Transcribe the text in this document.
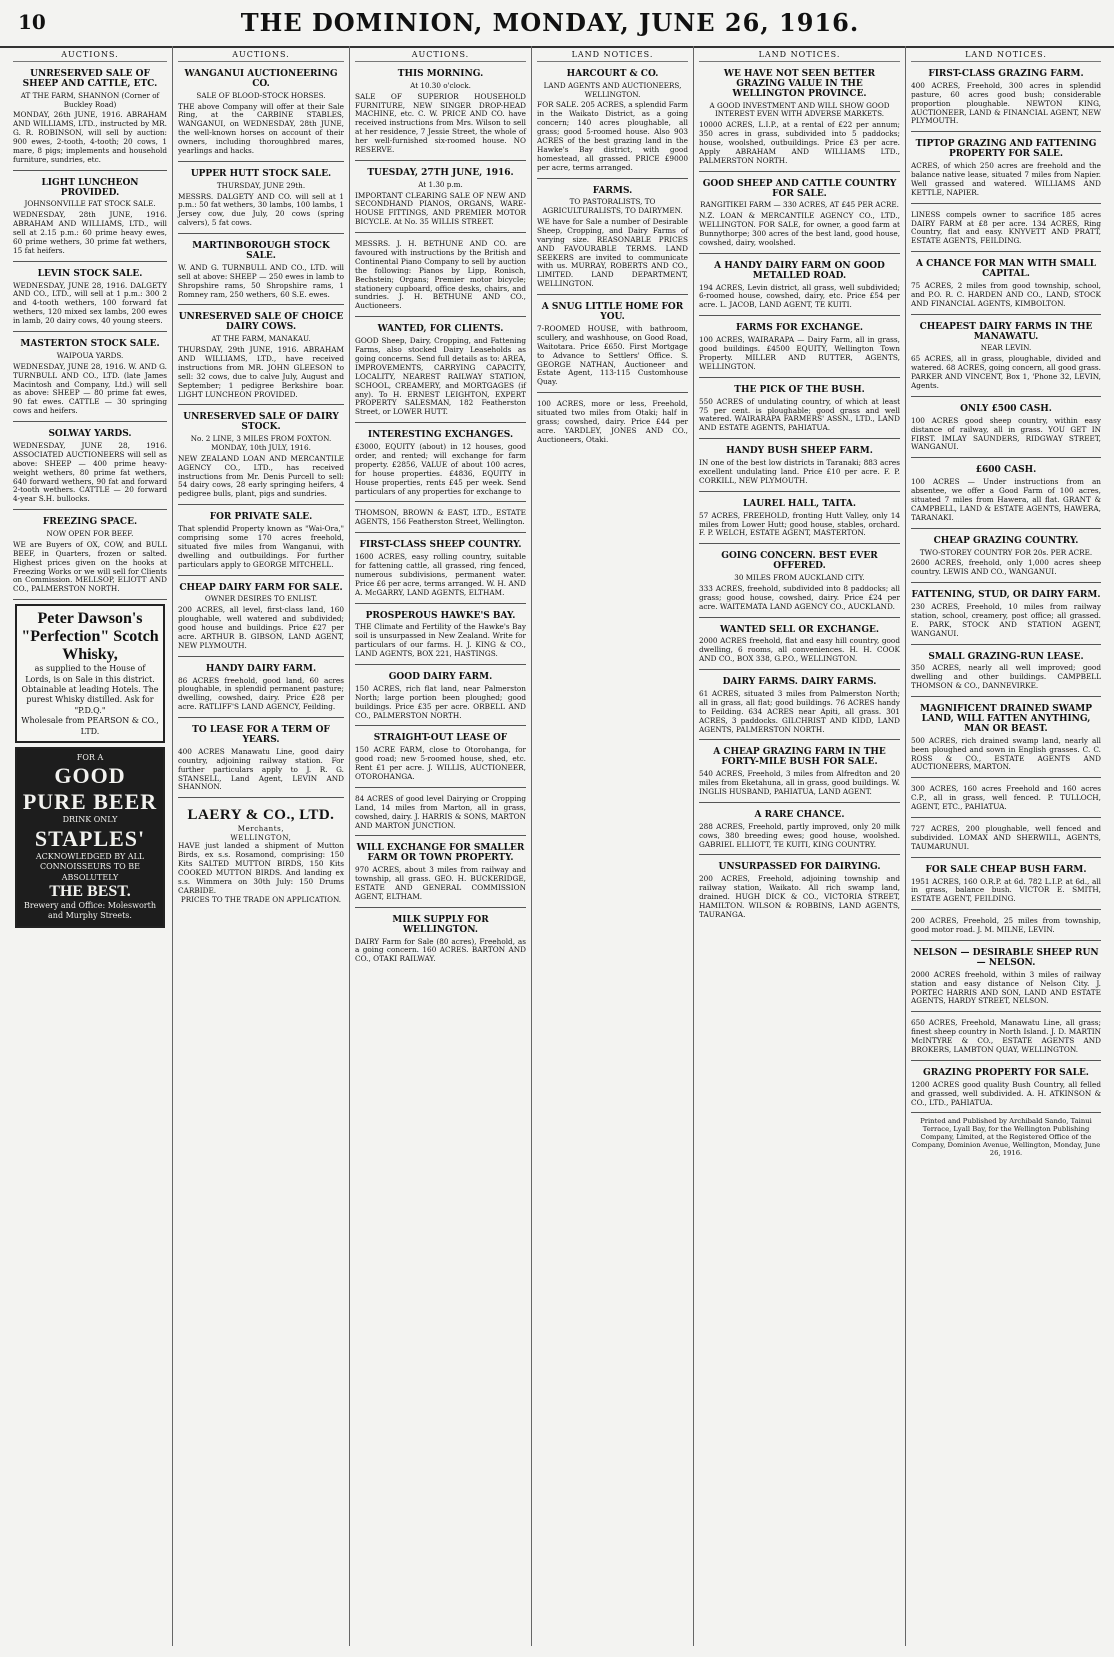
10	THE DOMINION, MONDAY, JUNE 26, 1916.
AUCTIONS.
UNRESERVED SALE OF SHEEP AND CATTLE, ETC.
AT THE FARM, SHANNON (Corner of Buckley Road)
MONDAY, 26th JUNE, 1916. ABRAHAM AND WILLIAMS, LTD., instructed by MR. G. R. ROBINSON, will sell by auction: 900 ewes, 2-tooth, 4-tooth; 20 cows, 1 mare, 8 pigs; implements and household furniture, sundries, etc.
LIGHT LUNCHEON PROVIDED.
JOHNSONVILLE FAT STOCK SALE.
WEDNESDAY, 28th JUNE, 1916. ABRAHAM AND WILLIAMS, LTD., will sell at 2.15 p.m.: 60 prime heavy ewes, 60 prime wethers, 30 prime fat wethers, 15 fat heifers.
LEVIN STOCK SALE.
WEDNESDAY, JUNE 28, 1916. DALGETY AND CO., LTD., will sell at 1 p.m.: 300 2 and 4-tooth wethers, 100 forward fat wethers, 120 mixed sex lambs, 200 ewes in lamb, 20 dairy cows, 40 young steers.
MASTERTON STOCK SALE.
WAIPOUA YARDS.
WEDNESDAY, JUNE 28, 1916. W. AND G. TURNBULL AND CO., LTD. (late James Macintosh and Company, Ltd.) will sell as above: SHEEP — 80 prime fat ewes, 90 fat ewes. CATTLE — 30 springing cows and heifers.
SOLWAY YARDS.
WEDNESDAY, JUNE 28, 1916. ASSOCIATED AUCTIONEERS will sell as above: SHEEP — 400 prime heavy-weight wethers, 80 prime fat wethers, 640 forward wethers, 90 fat and forward 2-tooth wethers. CATTLE — 20 forward 4-year S.H. bullocks.
FREEZING SPACE.
NOW OPEN FOR BEEF.
WE are Buyers of OX, COW, and BULL BEEF, in Quarters, frozen or salted. Highest prices given on the hooks at Freezing Works or we will sell for Clients on Commission. MELLSOP, ELIOTT AND CO., PALMERSTON NORTH.
Peter Dawson's
"Perfection" Scotch Whisky,
as supplied to the House of Lords, is on Sale in this district. Obtainable at leading Hotels. The purest Whisky distilled. Ask for "P.D.Q."
Wholesale from PEARSON & CO., LTD.
FOR A
GOOD PURE BEER
DRINK ONLY
STAPLES'
ACKNOWLEDGED BY ALL CONNOISSEURS TO BE ABSOLUTELY
THE BEST.
Brewery and Office: Molesworth and Murphy Streets.
AUCTIONS.
WANGANUI AUCTIONEERING CO.
SALE OF BLOOD-STOCK HORSES.
THE above Company will offer at their Sale Ring, at the CARBINE STABLES, WANGANUI, on WEDNESDAY, 28th JUNE, the well-known horses on account of their owners, including thoroughbred mares, yearlings and hacks.
UPPER HUTT STOCK SALE.
THURSDAY, JUNE 29th.
MESSRS. DALGETY AND CO. will sell at 1 p.m.: 50 fat wethers, 30 lambs, 100 lambs, 1 Jersey cow, due July, 20 cows (spring calvers), 5 fat cows.
MARTINBOROUGH STOCK SALE.
W. AND G. TURNBULL AND CO., LTD. will sell at above: SHEEP — 250 ewes in lamb to Shropshire rams, 50 Shropshire rams, 1 Romney ram, 250 wethers, 60 S.E. ewes.
UNRESERVED SALE OF CHOICE DAIRY COWS.
AT THE FARM, MANAKAU.
THURSDAY, 29th JUNE, 1916. ABRAHAM AND WILLIAMS, LTD., have received instructions from MR. JOHN GLEESON to sell: 32 cows, due to calve July, August and September; 1 pedigree Berkshire boar. LIGHT LUNCHEON PROVIDED.
UNRESERVED SALE OF DAIRY STOCK.
No. 2 LINE, 3 MILES FROM FOXTON. MONDAY, 10th JULY, 1916.
NEW ZEALAND LOAN AND MERCANTILE AGENCY CO., LTD., has received instructions from Mr. Denis Purcell to sell: 54 dairy cows, 28 early springing heifers, 4 pedigree bulls, plant, pigs and sundries.
FOR PRIVATE SALE.
That splendid Property known as "Wai-Ora," comprising some 170 acres freehold, situated five miles from Wanganui, with dwelling and outbuildings. For further particulars apply to GEORGE MITCHELL.
CHEAP DAIRY FARM FOR SALE.
OWNER DESIRES TO ENLIST.
200 ACRES, all level, first-class land, 160 ploughable, well watered and subdivided; good house and buildings. Price £27 per acre. ARTHUR B. GIBSON, LAND AGENT, NEW PLYMOUTH.
HANDY DAIRY FARM.
86 ACRES freehold, good land, 60 acres ploughable, in splendid permanent pasture; dwelling, cowshed, dairy. Price £28 per acre. RATLIFF'S LAND AGENCY, Feilding.
TO LEASE FOR A TERM OF YEARS.
400 ACRES Manawatu Line, good dairy country, adjoining railway station. For further particulars apply to J. R. G. STANSELL, Land Agent, LEVIN AND SHANNON.
LAERY & CO., LTD.
Merchants,
WELLINGTON,
HAVE just landed a shipment of Mutton Birds, ex s.s. Rosamond, comprising: 150 Kits SALTED MUTTON BIRDS, 150 Kits COOKED MUTTON BIRDS. And landing ex s.s. Wimmera on 30th July: 150 Drums CARBIDE.
PRICES TO THE TRADE ON APPLICATION.
AUCTIONS.
THIS MORNING.
At 10.30 o'clock.
SALE OF SUPERIOR HOUSEHOLD FURNITURE, NEW SINGER DROP-HEAD MACHINE, etc. C. W. PRICE AND CO. have received instructions from Mrs. Wilson to sell at her residence, 7 Jessie Street, the whole of her well-furnished six-roomed house. NO RESERVE.
TUESDAY, 27TH JUNE, 1916.
At 1.30 p.m.
IMPORTANT CLEARING SALE OF NEW AND SECONDHAND PIANOS, ORGANS, WARE-HOUSE FITTINGS, AND PREMIER MOTOR BICYCLE. At No. 35 WILLIS STREET.
MESSRS. J. H. BETHUNE AND CO. are favoured with instructions by the British and Continental Piano Company to sell by auction the following: Pianos by Lipp, Ronisch, Bechstein; Organs; Premier motor bicycle; stationery cupboard, office desks, chairs, and sundries. J. H. BETHUNE AND CO., Auctioneers.
WANTED, FOR CLIENTS.
GOOD Sheep, Dairy, Cropping, and Fattening Farms, also stocked Dairy Leaseholds as going concerns. Send full details as to: AREA, IMPROVEMENTS, CARRYING CAPACITY, LOCALITY, NEAREST RAILWAY STATION, SCHOOL, CREAMERY, and MORTGAGES (if any). To H. ERNEST LEIGHTON, EXPERT PROPERTY SALESMAN, 182 Featherston Street, or LOWER HUTT.
INTERESTING EXCHANGES.
£3000, EQUITY (about) in 12 houses, good order, and rented; will exchange for farm property. £2856, VALUE of about 100 acres, for house properties. £4836, EQUITY in House properties, rents £45 per week. Send particulars of any properties for exchange to
THOMSON, BROWN & EAST, LTD., ESTATE AGENTS, 156 Featherston Street, Wellington.
FIRST-CLASS SHEEP COUNTRY.
1600 ACRES, easy rolling country, suitable for fattening cattle, all grassed, ring fenced, numerous subdivisions, permanent water. Price £6 per acre, terms arranged. W. H. AND A. McGARRY, LAND AGENTS, ELTHAM.
PROSPEROUS HAWKE'S BAY.
THE Climate and Fertility of the Hawke's Bay soil is unsurpassed in New Zealand. Write for particulars of our farms. H. J. KING & CO., LAND AGENTS, BOX 221, HASTINGS.
GOOD DAIRY FARM.
150 ACRES, rich flat land, near Palmerston North; large portion been ploughed; good buildings. Price £35 per acre. ORBELL AND CO., PALMERSTON NORTH.
STRAIGHT-OUT LEASE OF
150 ACRE FARM, close to Otorohanga, for good road; new 5-roomed house, shed, etc. Rent £1 per acre. J. WILLIS, AUCTIONEER, OTOROHANGA.
84 ACRES of good level Dairying or Cropping Land, 14 miles from Marton, all in grass, cowshed, dairy. J. HARRIS & SONS, MARTON AND MARTON JUNCTION.
WILL EXCHANGE FOR SMALLER FARM OR TOWN PROPERTY.
970 ACRES, about 3 miles from railway and township, all grass. GEO. H. BUCKERIDGE, ESTATE AND GENERAL COMMISSION AGENT, ELTHAM.
MILK SUPPLY FOR WELLINGTON.
DAIRY Farm for Sale (80 acres), Freehold, as a going concern. 160 ACRES. BARTON AND CO., OTAKI RAILWAY.
LAND NOTICES.
HARCOURT & CO.
LAND AGENTS AND AUCTIONEERS, WELLINGTON.
FOR SALE. 205 ACRES, a splendid Farm in the Waikato District, as a going concern; 140 acres ploughable, all grass; good 5-roomed house. Also 903 ACRES of the best grazing land in the Hawke's Bay district, with good homestead, all grassed. PRICE £9000 per acre, terms arranged.
FARMS.
TO PASTORALISTS, TO AGRICULTURALISTS, TO DAIRYMEN.
WE have for Sale a number of Desirable Sheep, Cropping, and Dairy Farms of varying size. REASONABLE PRICES AND FAVOURABLE TERMS. LAND SEEKERS are invited to communicate with us. MURRAY, ROBERTS AND CO., LIMITED. LAND DEPARTMENT, WELLINGTON.
A SNUG LITTLE HOME FOR YOU.
7-ROOMED HOUSE, with bathroom, scullery, and washhouse, on Good Road, Waitotara. Price £650. First Mortgage to Advance to Settlers' Office. S. GEORGE NATHAN, Auctioneer and Estate Agent, 113-115 Customhouse Quay.
100 ACRES, more or less, Freehold, situated two miles from Otaki; half in grass; cowshed, dairy. Price £44 per acre. YARDLEY, JONES AND CO., Auctioneers, Otaki.
LAND NOTICES.
WE HAVE NOT SEEN BETTER GRAZING VALUE IN THE WELLINGTON PROVINCE.
A GOOD INVESTMENT AND WILL SHOW GOOD INTEREST EVEN WITH ADVERSE MARKETS.
10000 ACRES, L.I.P., at a rental of £22 per annum; 350 acres in grass, subdivided into 5 paddocks; house, woolshed, outbuildings. Price £3 per acre. Apply ABRAHAM AND WILLIAMS LTD., PALMERSTON NORTH.
GOOD SHEEP AND CATTLE COUNTRY FOR SALE.
RANGITIKEI FARM — 330 ACRES, AT £45 PER ACRE.
N.Z. LOAN & MERCANTILE AGENCY CO., LTD., WELLINGTON. FOR SALE, for owner, a good farm at Bunnythorpe; 300 acres of the best land, good house, cowshed, dairy, woolshed.
A HANDY DAIRY FARM ON GOOD METALLED ROAD.
194 ACRES, Levin district, all grass, well subdivided; 6-roomed house, cowshed, dairy, etc. Price £54 per acre. L. JACOB, LAND AGENT, TE KUITI.
FARMS FOR EXCHANGE.
100 ACRES, WAIRARAPA — Dairy Farm, all in grass, good buildings. £4500 EQUITY, Wellington Town Property. MILLER AND RUTTER, AGENTS, WELLINGTON.
THE PICK OF THE BUSH.
550 ACRES of undulating country, of which at least 75 per cent. is ploughable; good grass and well watered. WAIRARAPA FARMERS' ASSN., LTD., LAND AND ESTATE AGENTS, PAHIATUA.
HANDY BUSH SHEEP FARM.
IN one of the best low districts in Taranaki; 883 acres excellent undulating land. Price £10 per acre. F. P. CORKILL, NEW PLYMOUTH.
LAUREL HALL, TAITA.
57 ACRES, FREEHOLD, fronting Hutt Valley, only 14 miles from Lower Hutt; good house, stables, orchard. F. P. WELCH, ESTATE AGENT, MASTERTON.
GOING CONCERN. BEST EVER OFFERED.
30 MILES FROM AUCKLAND CITY.
333 ACRES, freehold, subdivided into 8 paddocks; all grass; good house, cowshed, dairy. Price £24 per acre. WAITEMATA LAND AGENCY CO., AUCKLAND.
WANTED SELL OR EXCHANGE.
2000 ACRES freehold, flat and easy hill country, good dwelling, 6 rooms, all conveniences. H. H. COOK AND CO., BOX 338, G.P.O., WELLINGTON.
DAIRY FARMS. DAIRY FARMS.
61 ACRES, situated 3 miles from Palmerston North; all in grass, all flat; good buildings. 76 ACRES handy to Feilding. 634 ACRES near Apiti, all grass. 301 ACRES, 3 paddocks. GILCHRIST AND KIDD, LAND AGENTS, PALMERSTON NORTH.
A CHEAP GRAZING FARM IN THE FORTY-MILE BUSH FOR SALE.
540 ACRES, Freehold, 3 miles from Alfredton and 20 miles from Eketahuna, all in grass, good buildings. W. INGLIS HUSBAND, PAHIATUA, LAND AGENT.
A RARE CHANCE.
288 ACRES, Freehold, partly improved, only 20 milk cows, 380 breeding ewes; good house, woolshed. GABRIEL ELLIOTT, TE KUITI, KING COUNTRY.
UNSURPASSED FOR DAIRYING.
200 ACRES, Freehold, adjoining township and railway station, Waikato. All rich swamp land, drained. HUGH DICK & CO., VICTORIA STREET, HAMILTON. WILSON & ROBBINS, LAND AGENTS, TAURANGA.
LAND NOTICES.
FIRST-CLASS GRAZING FARM.
400 ACRES, Freehold, 300 acres in splendid pasture, 60 acres good bush; considerable proportion ploughable. NEWTON KING, AUCTIONEER, LAND & FINANCIAL AGENT, NEW PLYMOUTH.
TIPTOP GRAZING AND FATTENING PROPERTY FOR SALE.
ACRES, of which 250 acres are freehold and the balance native lease, situated 7 miles from Napier. Well grassed and watered. WILLIAMS AND KETTLE, NAPIER.
LINESS compels owner to sacrifice 185 acres DAIRY FARM at £8 per acre. 134 ACRES, Ring Country, flat and easy. KNYVETT AND PRATT, ESTATE AGENTS, FEILDING.
A CHANCE FOR MAN WITH SMALL CAPITAL.
75 ACRES, 2 miles from good township, school, and P.O. R. C. HARDEN AND CO., LAND, STOCK AND FINANCIAL AGENTS, KIMBOLTON.
CHEAPEST DAIRY FARMS IN THE MANAWATU.
NEAR LEVIN.
65 ACRES, all in grass, ploughable, divided and watered. 68 ACRES, going concern, all good grass. PARKER AND VINCENT, Box 1, 'Phone 32, LEVIN, Agents.
ONLY £500 CASH.
100 ACRES good sheep country, within easy distance of railway, all in grass. YOU GET IN FIRST. IMLAY SAUNDERS, RIDGWAY STREET, WANGANUI.
£600 CASH.
100 ACRES — Under instructions from an absentee, we offer a Good Farm of 100 acres, situated 7 miles from Hawera, all flat. GRANT & CAMPBELL, LAND & ESTATE AGENTS, HAWERA, TARANAKI.
CHEAP GRAZING COUNTRY.
TWO-STOREY COUNTRY FOR 20s. PER ACRE.
2600 ACRES, freehold, only 1,000 acres sheep country. LEWIS AND CO., WANGANUI.
FATTENING, STUD, OR DAIRY FARM.
230 ACRES, Freehold, 10 miles from railway station, school, creamery, post office; all grassed. E. PARK, STOCK AND STATION AGENT, WANGANUI.
SMALL GRAZING-RUN LEASE.
350 ACRES, nearly all well improved; good dwelling and other buildings. CAMPBELL THOMSON & CO., DANNEVIRKE.
MAGNIFICENT DRAINED SWAMP LAND, WILL FATTEN ANYTHING, MAN OR BEAST.
500 ACRES, rich drained swamp land, nearly all been ploughed and sown in English grasses. C. C. ROSS & CO., ESTATE AGENTS AND AUCTIONEERS, MARTON.
300 ACRES, 160 acres Freehold and 160 acres C.P., all in grass, well fenced. P. TULLOCH, AGENT, ETC., PAHIATUA.
727 ACRES, 200 ploughable, well fenced and subdivided. LOMAX AND SHERWILL, AGENTS, TAUMARUNUI.
FOR SALE CHEAP BUSH FARM.
1951 ACRES, 160 O.R.P. at 6d. 782 L.I.P. at 6d., all in grass, balance bush. VICTOR E. SMITH, ESTATE AGENT, FEILDING.
200 ACRES, Freehold, 25 miles from township, good motor road. J. M. MILNE, LEVIN.
NELSON — DESIRABLE SHEEP RUN — NELSON.
2000 ACRES freehold, within 3 miles of railway station and easy distance of Nelson City. J. PORTEC HARRIS AND SON, LAND AND ESTATE AGENTS, HARDY STREET, NELSON.
650 ACRES, Freehold, Manawatu Line, all grass; finest sheep country in North Island. J. D. MARTIN McINTYRE & CO., ESTATE AGENTS AND BROKERS, LAMBTON QUAY, WELLINGTON.
GRAZING PROPERTY FOR SALE.
1200 ACRES good quality Bush Country, all felled and grassed, well subdivided. A. H. ATKINSON & CO., LTD., PAHIATUA.
Printed and Published by Archibald Sando, Tainui Terrace, Lyall Bay, for the Wellington Publishing Company, Limited, at the Registered Office of the Company, Dominion Avenue, Wellington, Monday, June 26, 1916.
